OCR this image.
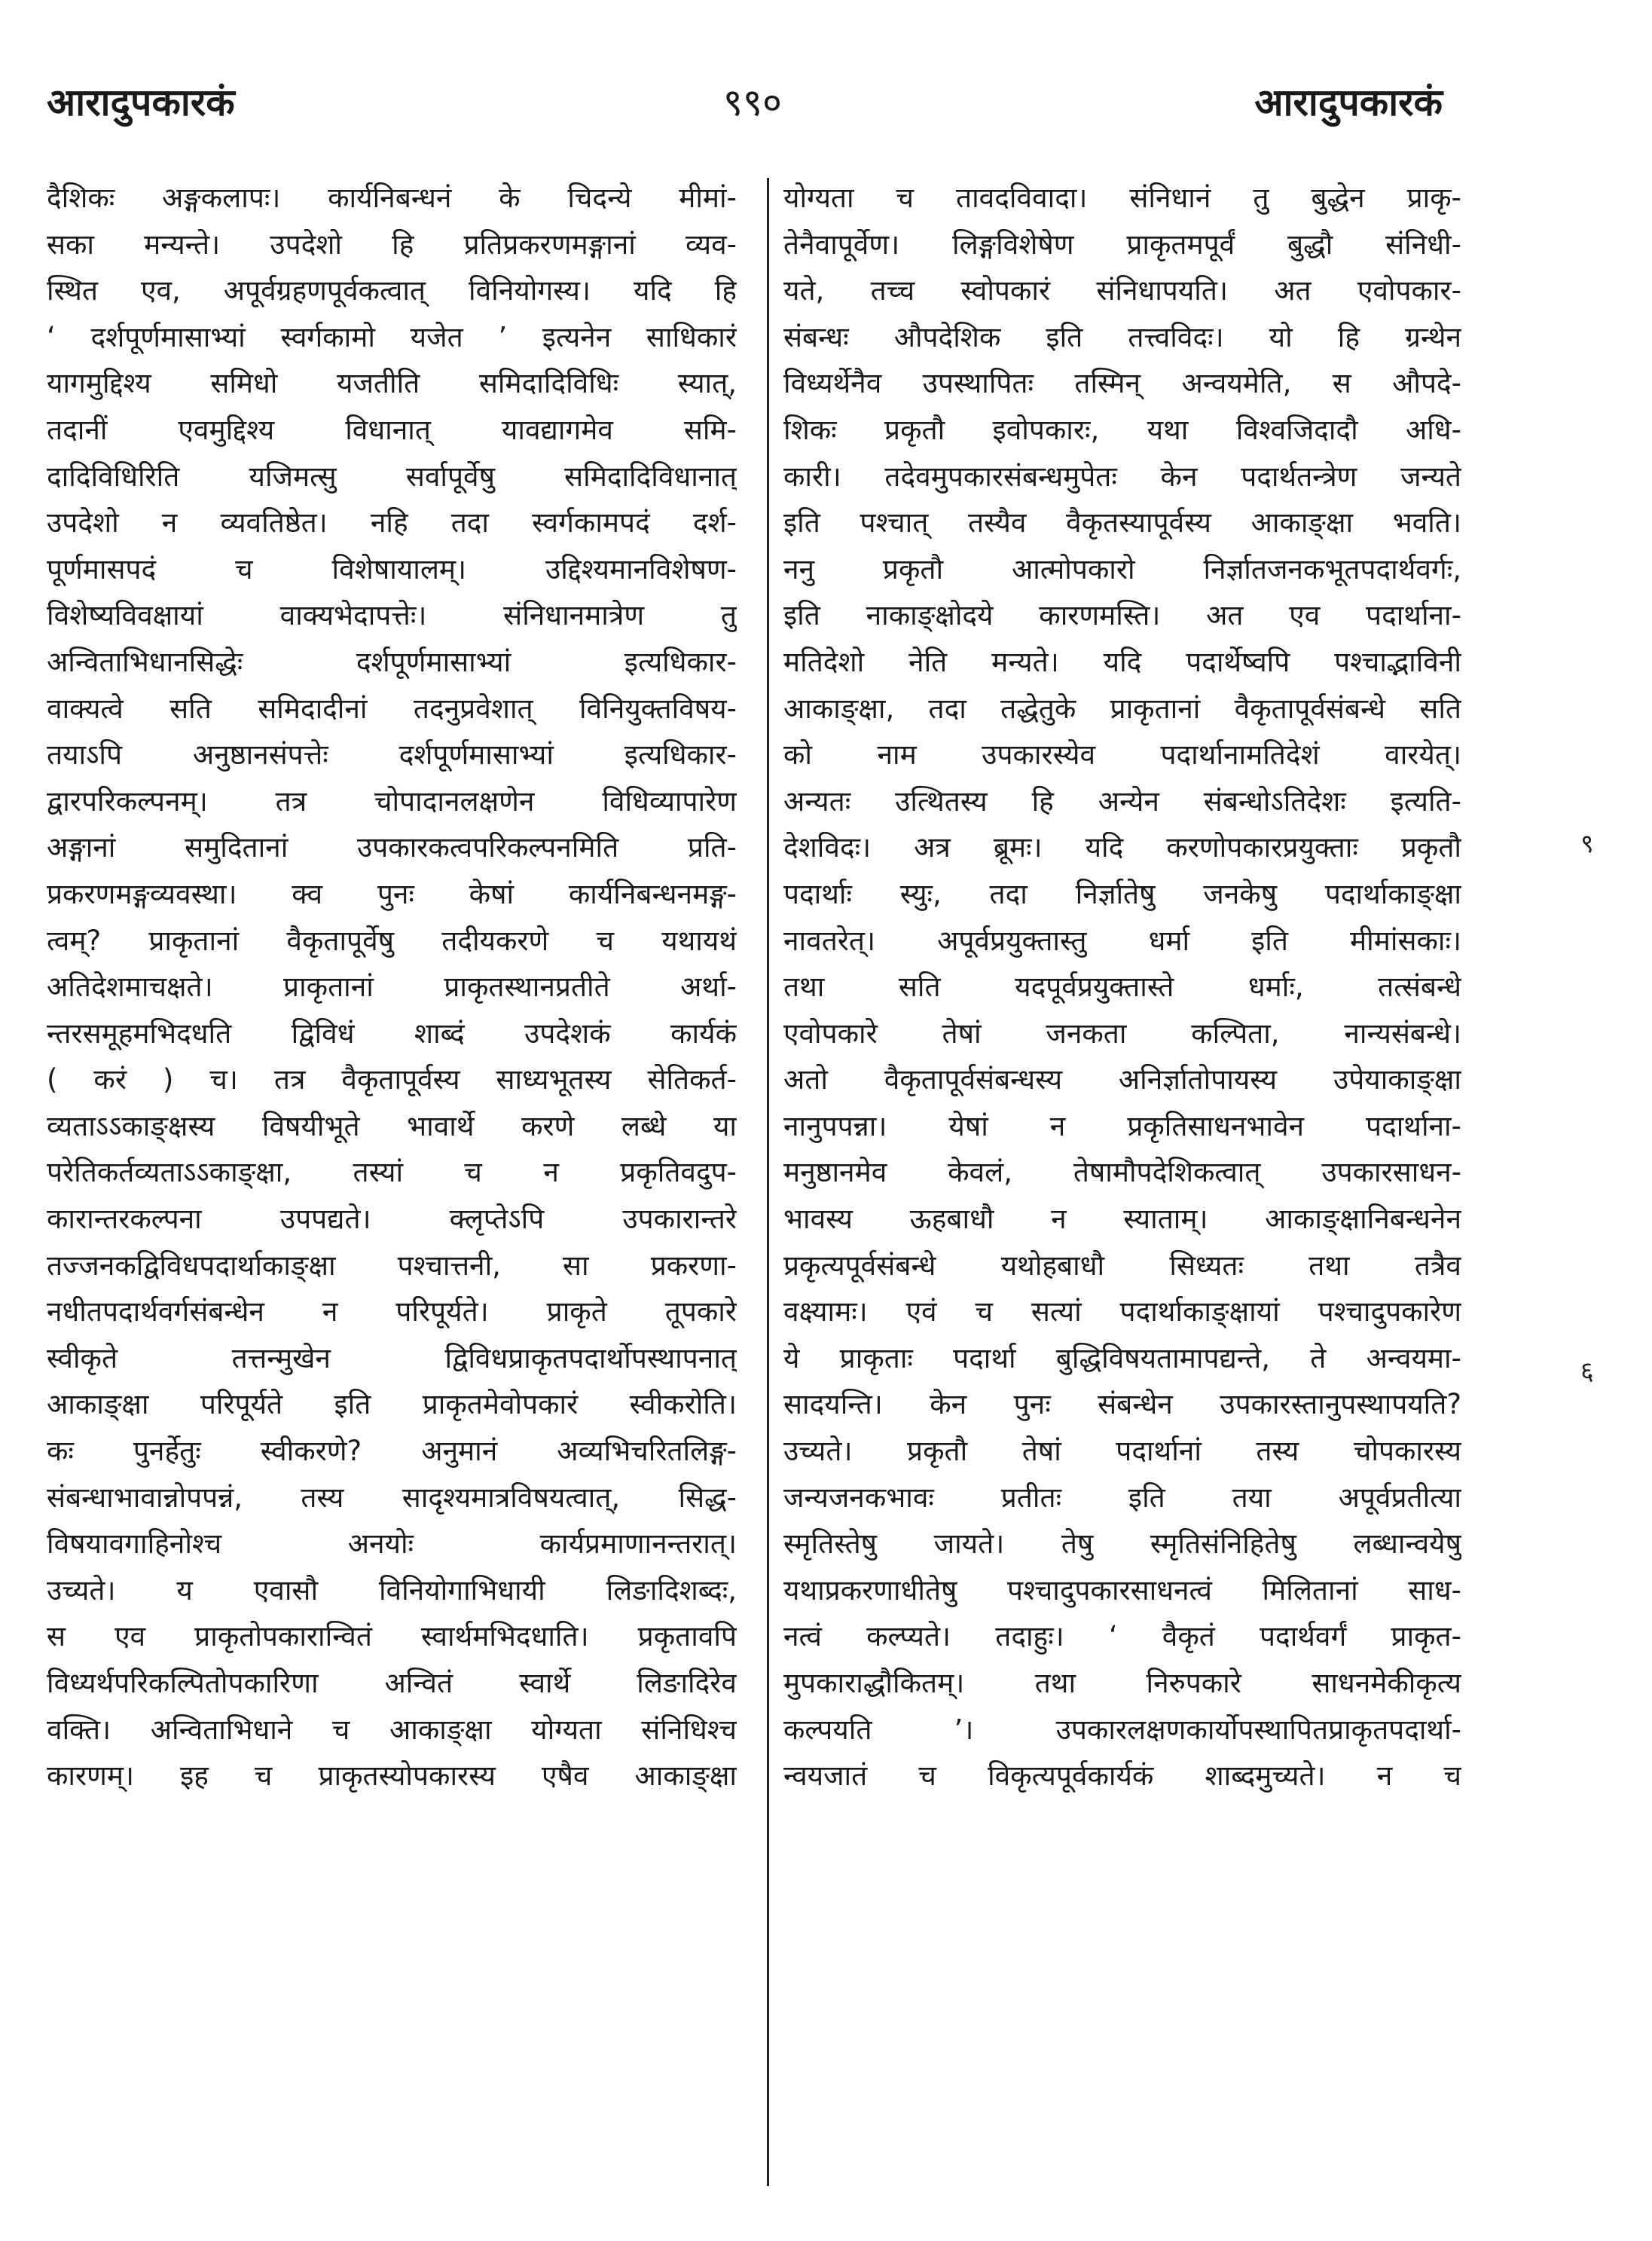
आरादुपकारकं	९९०	आरादुपकारकं
दैशिकः अङ्गकलापः। कार्यनिबन्धनं के चिदन्ये मीमां-
सका मन्यन्ते। उपदेशो हि प्रतिप्रकरणमङ्गानां व्यव-
स्थित एव, अपूर्वग्रहणपूर्वकत्वात् विनियोगस्य। यदि हि
‘ दर्शपूर्णमासाभ्यां स्वर्गकामो यजेत ’ इत्यनेन साधिकारं
यागमुद्दिश्य समिधो यजतीति समिदादिविधिः स्यात्,
तदानीं एवमुद्दिश्य विधानात् यावद्यागमेव समि-
दादिविधिरिति यजिमत्सु सर्वापूर्वेषु समिदादिविधानात्
उपदेशो न व्यवतिष्ठेत। नहि तदा स्वर्गकामपदं दर्श-
पूर्णमासपदं च विशेषायालम्। उद्दिश्यमानविशेषण-
विशेष्यविवक्षायां वाक्यभेदापत्तेः। संनिधानमात्रेण तु
अन्विताभिधानसिद्धेः दर्शपूर्णमासाभ्यां इत्यधिकार-
वाक्यत्वे सति समिदादीनां तदनुप्रवेशात् विनियुक्तविषय-
तयाऽपि अनुष्ठानसंपत्तेः दर्शपूर्णमासाभ्यां इत्यधिकार-
द्वारपरिकल्पनम्। तत्र चोपादानलक्षणेन विधिव्यापारेण
अङ्गानां समुदितानां उपकारकत्वपरिकल्पनमिति प्रति-
प्रकरणमङ्गव्यवस्था। क्व पुनः केषां कार्यनिबन्धनमङ्ग-
त्वम्? प्राकृतानां वैकृतापूर्वेषु तदीयकरणे च यथायथं
अतिदेशमाचक्षते। प्राकृतानां प्राकृतस्थानप्रतीते अर्था-
न्तरसमूहमभिदधति द्विविधं शाब्दं उपदेशकं कार्यकं
( करं ) च। तत्र वैकृतापूर्वस्य साध्यभूतस्य सेतिकर्त-
व्यताऽऽकाङ्क्षस्य विषयीभूते भावार्थे करणे लब्धे या
परेतिकर्तव्यताऽऽकाङ्क्षा, तस्यां च न प्रकृतिवदुप-
कारान्तरकल्पना उपपद्यते। क्लृप्तेऽपि उपकारान्तरे
तज्जनकद्विविधपदार्थाकाङ्क्षा पश्चात्तनी, सा प्रकरणा-
नधीतपदार्थवर्गसंबन्धेन न परिपूर्यते। प्राकृते तूपकारे
स्वीकृते तत्तन्मुखेन द्विविधप्राकृतपदार्थोपस्थापनात्
आकाङ्क्षा परिपूर्यते इति प्राकृतमेवोपकारं स्वीकरोति।
कः पुनर्हेतुः स्वीकरणे? अनुमानं अव्यभिचरितलिङ्ग-
संबन्धाभावान्नोपपन्नं, तस्य सादृश्यमात्रविषयत्वात्, सिद्ध-
विषयावगाहिनोश्च अनयोः कार्यप्रमाणानन्तरात्।
उच्यते। य एवासौ विनियोगाभिधायी लिङादिशब्दः,
स एव प्राकृतोपकारान्वितं स्वार्थमभिदधाति। प्रकृतावपि
विध्यर्थपरिकल्पितोपकारिणा अन्वितं स्वार्थे लिङादिरेव
वक्ति। अन्विताभिधाने च आकाङ्क्षा योग्यता संनिधिश्च
कारणम्। इह च प्राकृतस्योपकारस्य एषैव आकाङ्क्षा
योग्यता च तावदविवादा। संनिधानं तु बुद्धेन प्राकृ-
तेनैवापूर्वेण। लिङ्गविशेषेण प्राकृतमपूर्वं बुद्धौ संनिधी-
यते, तच्च स्वोपकारं संनिधापयति। अत एवोपकार-
संबन्धः औपदेशिक इति तत्त्वविदः। यो हि ग्रन्थेन
विध्यर्थेनैव उपस्थापितः तस्मिन् अन्वयमेति, स औपदे-
शिकः प्रकृतौ इवोपकारः, यथा विश्वजिदादौ अधि-
कारी। तदेवमुपकारसंबन्धमुपेतः केन पदार्थतन्त्रेण जन्यते
इति पश्चात् तस्यैव वैकृतस्यापूर्वस्य आकाङ्क्षा भवति।
ननु प्रकृतौ आत्मोपकारो निर्ज्ञातजनकभूतपदार्थवर्गः,
इति नाकाङ्क्षोदये कारणमस्ति। अत एव पदार्थाना-
मतिदेशो नेति मन्यते। यदि पदार्थेष्वपि पश्चाद्भाविनी
आकाङ्क्षा, तदा तद्धेतुके प्राकृतानां वैकृतापूर्वसंबन्धे सति
को नाम उपकारस्येव पदार्थानामतिदेशं वारयेत्।
अन्यतः उत्थितस्य हि अन्येन संबन्धोऽतिदेशः इत्यति-
देशविदः। अत्र ब्रूमः। यदि करणोपकारप्रयुक्ताः प्रकृतौ
पदार्थाः स्युः, तदा निर्ज्ञातेषु जनकेषु पदार्थाकाङ्क्षा
नावतरेत्। अपूर्वप्रयुक्तास्तु धर्मा इति मीमांसकाः।
तथा सति यदपूर्वप्रयुक्तास्ते धर्माः, तत्संबन्धे
एवोपकारे तेषां जनकता कल्पिता, नान्यसंबन्धे।
अतो वैकृतापूर्वसंबन्धस्य अनिर्ज्ञातोपायस्य उपेयाकाङ्क्षा
नानुपपन्ना। येषां न प्रकृतिसाधनभावेन पदार्थाना-
मनुष्ठानमेव केवलं, तेषामौपदेशिकत्वात् उपकारसाधन-
भावस्य ऊहबाधौ न स्याताम्। आकाङ्क्षानिबन्धनेन
प्रकृत्यपूर्वसंबन्धे यथोहबाधौ सिध्यतः तथा तत्रैव
वक्ष्यामः। एवं च सत्यां पदार्थाकाङ्क्षायां पश्चादुपकारेण
ये प्राकृताः पदार्था बुद्धिविषयतामापद्यन्ते, ते अन्वयमा-
सादयन्ति। केन पुनः संबन्धेन उपकारस्तानुपस्थापयति?
उच्यते। प्रकृतौ तेषां पदार्थानां तस्य चोपकारस्य
जन्यजनकभावः प्रतीतः इति तया अपूर्वप्रतीत्या
स्मृतिस्तेषु जायते। तेषु स्मृतिसंनिहितेषु लब्धान्वयेषु
यथाप्रकरणाधीतेषु पश्चादुपकारसाधनत्वं मिलितानां साध-
नत्वं कल्प्यते। तदाहुः। ‘ वैकृतं पदार्थवर्गं प्राकृत-
मुपकाराद्धौकितम्। तथा निरुपकारे साधनमेकीकृत्य
कल्पयति ’। उपकारलक्षणकार्योपस्थापितप्राकृतपदार्था-
न्वयजातं च विकृत्यपूर्वकार्यकं शाब्दमुच्यते। न च
९
६
